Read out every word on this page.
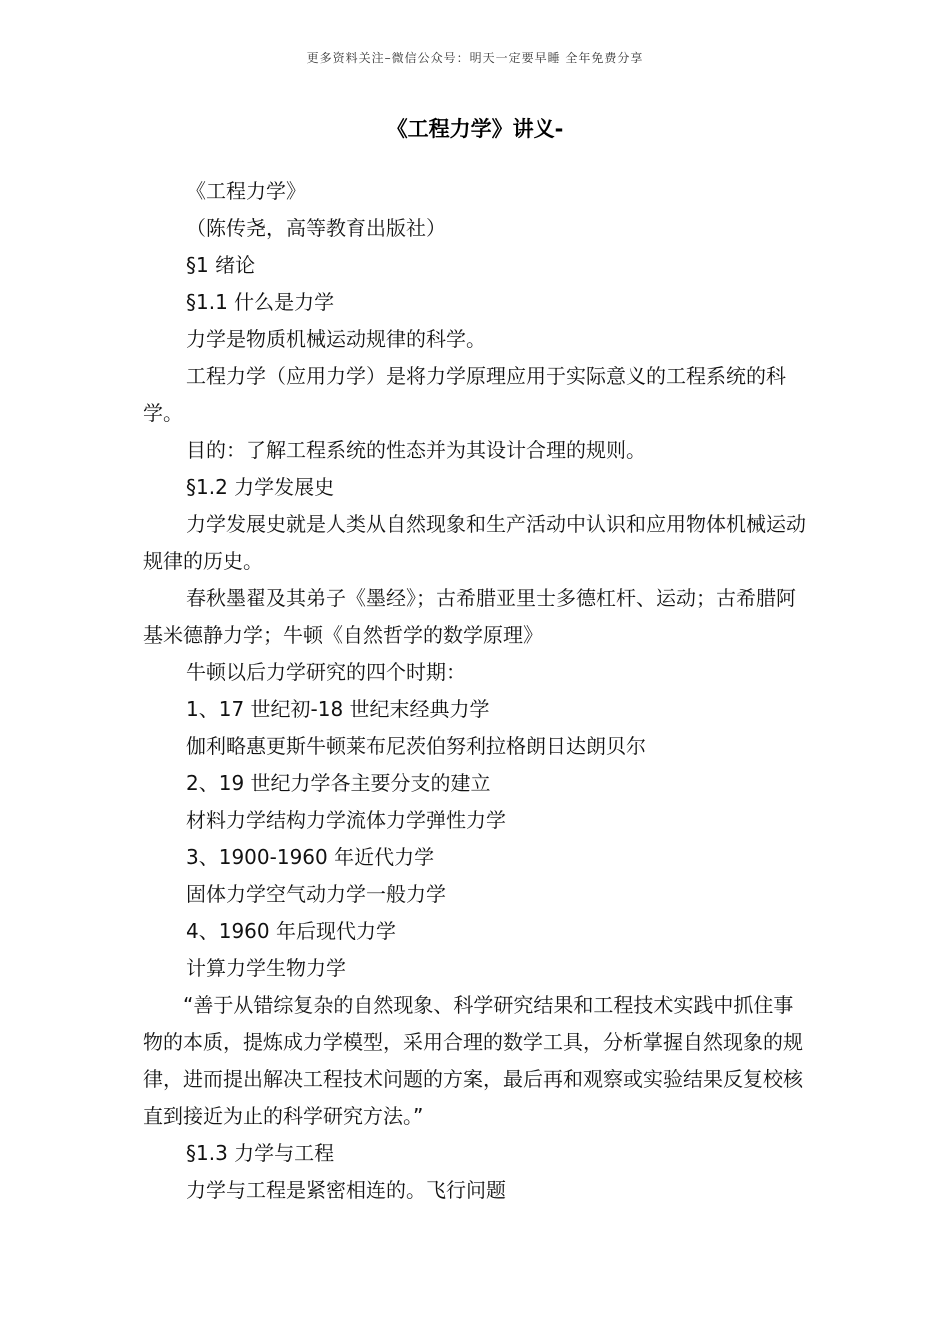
更多资料关注–微信公众号：明天一定要早睡 全年免费分享
《工程力学》讲义-

《工程力学》

（陈传尧，高等教育出版社）

§1 绪论

§1.1 什么是力学

力学是物质机械运动规律的科学。

工程力学（应用力学）是将力学原理应用于实际意义的工程系统的科学。

目的：了解工程系统的性态并为其设计合理的规则。

§1.2 力学发展史

力学发展史就是人类从自然现象和生产活动中认识和应用物体机械运动规律的历史。

春秋墨翟及其弟子《墨经》；古希腊亚里士多德杠杆、运动；古希腊阿基米德静力学；牛顿《自然哲学的数学原理》

牛顿以后力学研究的四个时期：

1、17 世纪初-18 世纪末经典力学

伽利略惠更斯牛顿莱布尼茨伯努利拉格朗日达朗贝尔

2、19 世纪力学各主要分支的建立

材料力学结构力学流体力学弹性力学

3、1900-1960 年近代力学

固体力学空气动力学一般力学

4、1960 年后现代力学

计算力学生物力学

“善于从错综复杂的自然现象、科学研究结果和工程技术实践中抓住事物的本质，提炼成力学模型，采用合理的数学工具，分析掌握自然现象的规律，进而提出解决工程技术问题的方案，最后再和观察或实验结果反复校核直到接近为止的科学研究方法。”

§1.3 力学与工程

力学与工程是紧密相连的。飞行问题
